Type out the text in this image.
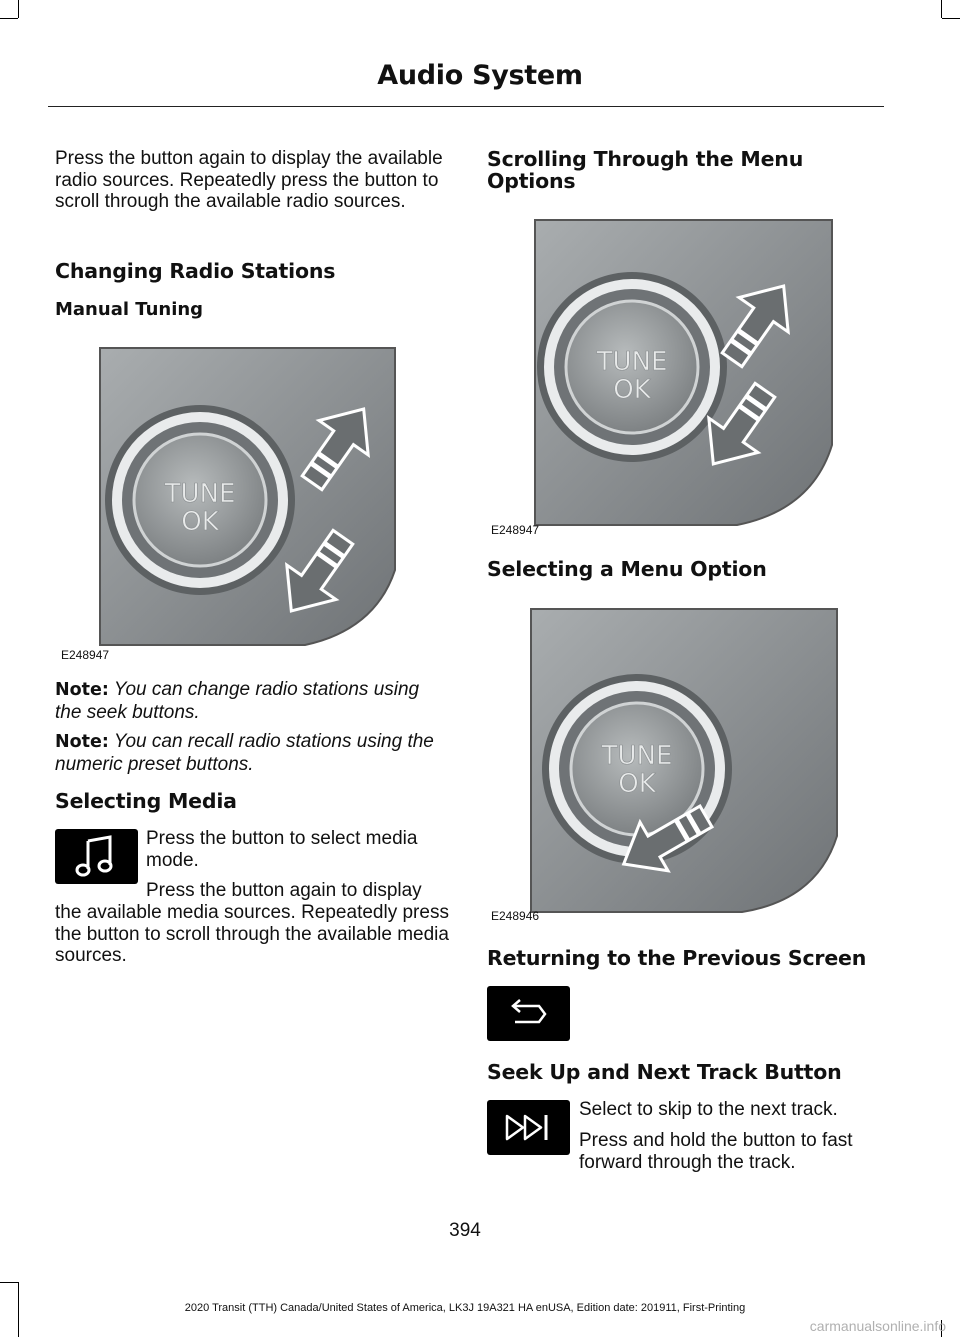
Audio System

Press the button again to display the available radio sources. Repeatedly press the button to scroll through the available radio sources.

Changing Radio Stations
Manual Tuning
TUNE
OK
E248947

Note: You can change radio stations using the seek buttons.

Note: You can recall radio stations using the numeric preset buttons.

Selecting Media

Press the button to select media mode.

Press the button again to display

the available media sources. Repeatedly press the button to scroll through the available media sources.

Scrolling Through the Menu Options
TUNE
OK
E248947
Selecting a Menu Option
TUNE
OK
E248946
Returning to the Previous Screen
Seek Up and Next Track Button

Select to skip to the next track.

Press and hold the button to fast forward through the track.

394
2020 Transit (TTH) Canada/United States of America, LK3J 19A321 HA enUSA, Edition date: 201911, First-Printing
carmanualsonline.info
